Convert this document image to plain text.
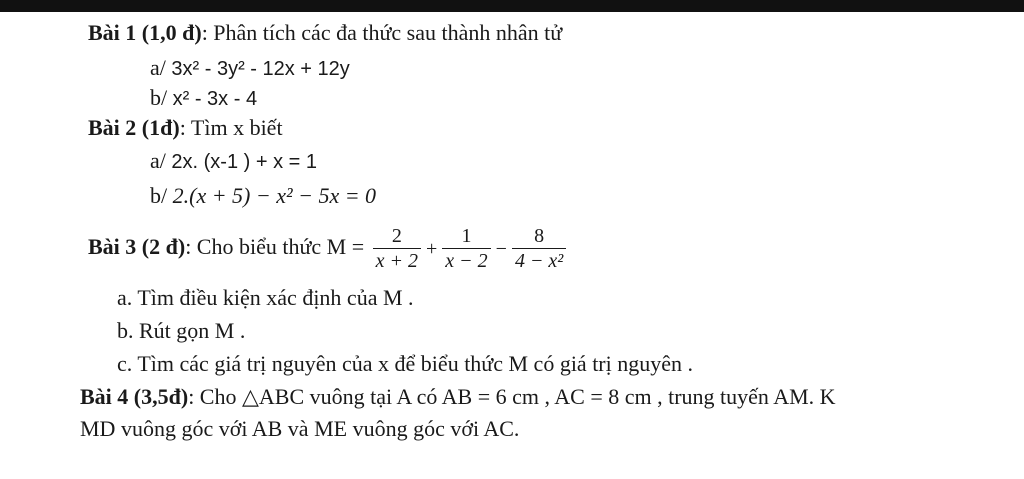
Bài 1 (1,0 đ): Phân tích các đa thức sau thành nhân tử
a/ 3x² - 3y² - 12x + 12y
b/ x² - 3x - 4
Bài 2 (1đ): Tìm x biết
a/ 2x. (x-1 ) + x = 1
b/ 2.(x + 5) − x² − 5x = 0
Bài 3 (2 đ): Cho biểu thức $M = \frac{2}{x + 2} + \frac{1}{x - 2} - \frac{8}{\text{4 − x²}}$
a. Tìm điều kiện xác định của M .
b. Rút gọn M .
c. Tìm các giá trị nguyên của x để biểu thức M có giá trị nguyên .
Bài 4 (3,5đ): Cho △ABC vuông tại A có AB = 6 cm , AC = 8 cm , trung tuyến AM. K
MD vuông góc với AB và ME vuông góc với AC.
